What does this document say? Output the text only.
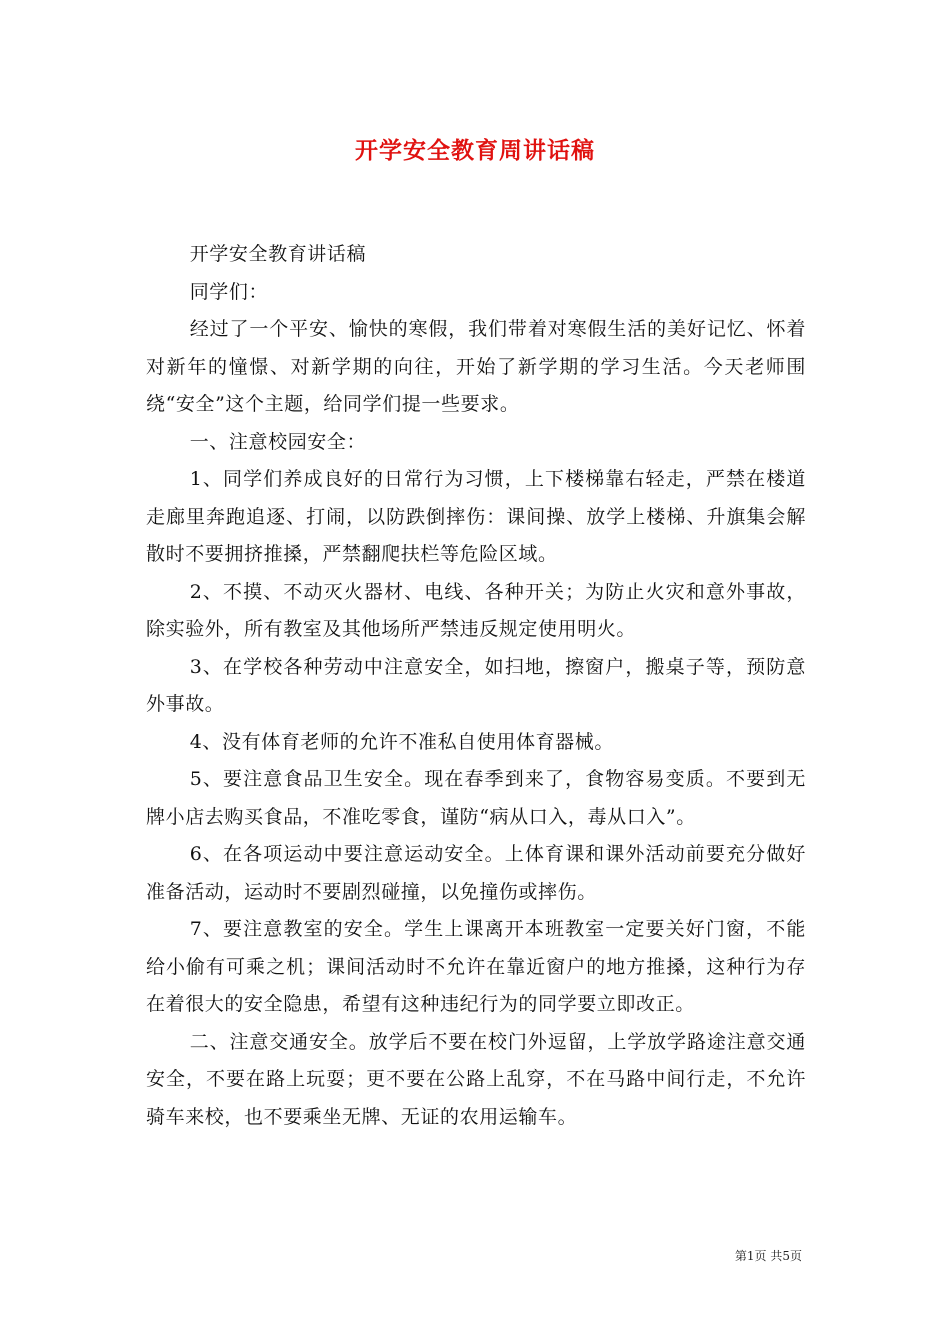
开学安全教育周讲话稿

开学安全教育讲话稿

同学们：

经过了一个平安、愉快的寒假，我们带着对寒假生活的美好记忆、怀着对新年的憧憬、对新学期的向往，开始了新学期的学习生活。今天老师围绕“安全”这个主题，给同学们提一些要求。

一、注意校园安全：

1、同学们养成良好的日常行为习惯，上下楼梯靠右轻走，严禁在楼道走廊里奔跑追逐、打闹，以防跌倒摔伤：课间操、放学上楼梯、升旗集会解散时不要拥挤推搡，严禁翻爬扶栏等危险区域。

2、不摸、不动灭火器材、电线、各种开关；为防止火灾和意外事故，除实验外，所有教室及其他场所严禁违反规定使用明火。

3、在学校各种劳动中注意安全，如扫地，擦窗户，搬桌子等，预防意外事故。

4、没有体育老师的允许不准私自使用体育器械。

5、要注意食品卫生安全。现在春季到来了，食物容易变质。不要到无牌小店去购买食品，不准吃零食，谨防“病从口入，毒从口入”。

6、在各项运动中要注意运动安全。上体育课和课外活动前要充分做好准备活动，运动时不要剧烈碰撞，以免撞伤或摔伤。

7、要注意教室的安全。学生上课离开本班教室一定要关好门窗，不能给小偷有可乘之机；课间活动时不允许在靠近窗户的地方推搡，这种行为存在着很大的安全隐患，希望有这种违纪行为的同学要立即改正。

二、注意交通安全。放学后不要在校门外逗留，上学放学路途注意交通安全，不要在路上玩耍；更不要在公路上乱穿，不在马路中间行走，不允许骑车来校，也不要乘坐无牌、无证的农用运输车。

第1页 共5页
